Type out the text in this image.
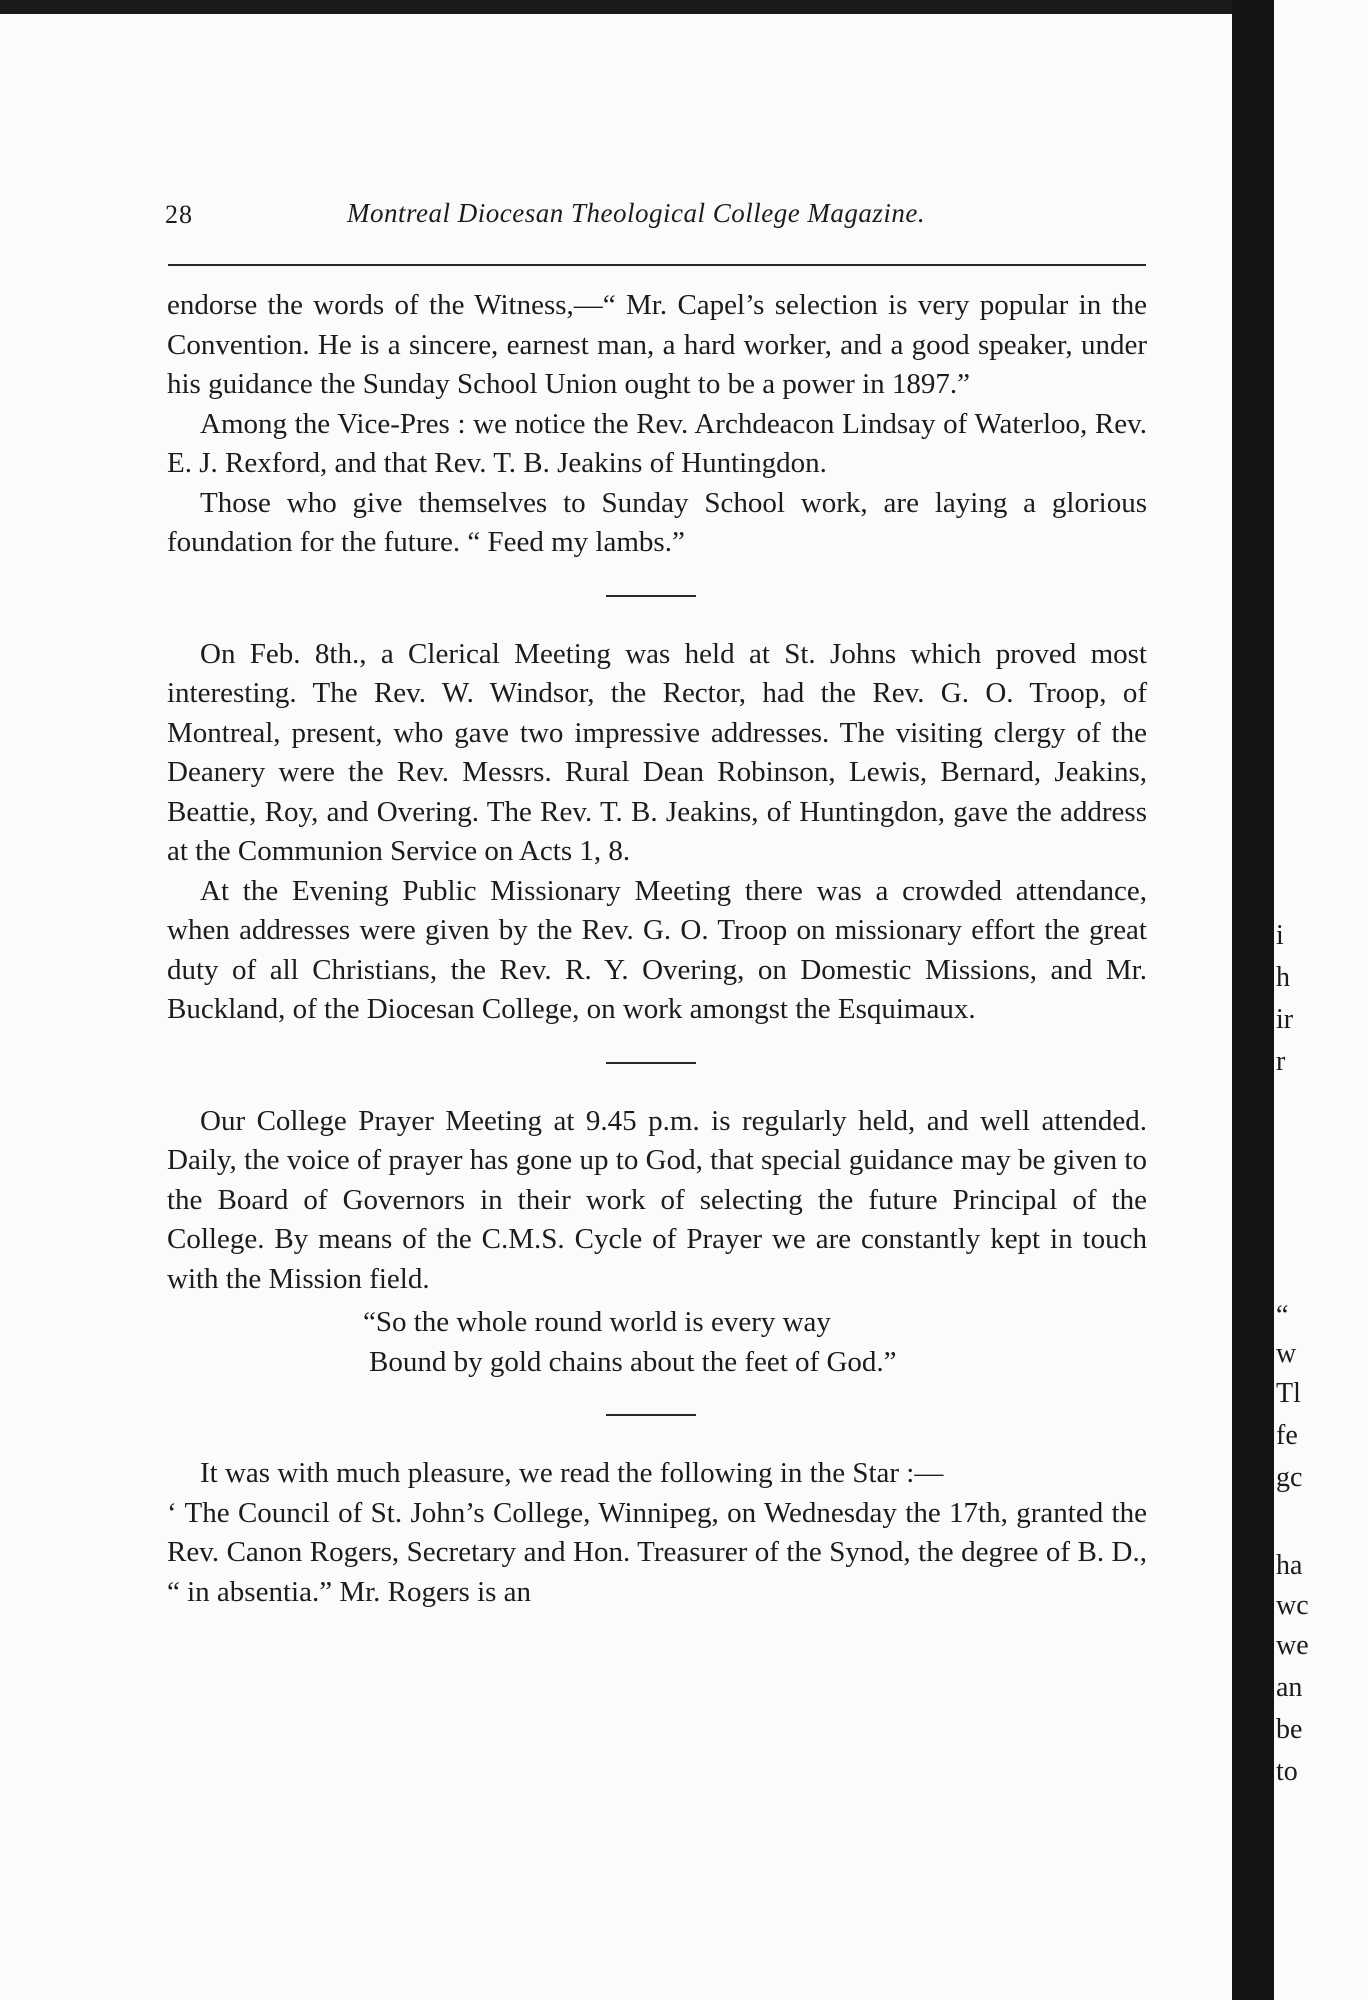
i
h
ir
r
“
w
Tl
fe
gc
ha
wc
we
an
be
to
28	Montreal Diocesan Theological College Magazine.

endorse the words of the Witness,—“ Mr. Capel’s selection is very popular in the Convention. He is a sincere, earnest man, a hard worker, and a good speaker, under his guidance the Sunday School Union ought to be a power in 1897.”

Among the Vice-Pres : we notice the Rev. Archdeacon Lindsay of Waterloo, Rev. E. J. Rexford, and that Rev. T. B. Jeakins of Huntingdon.

Those who give themselves to Sunday School work, are laying a glorious foundation for the future. “ Feed my lambs.”

On Feb. 8th., a Clerical Meeting was held at St. Johns which proved most interesting. The Rev. W. Windsor, the Rector, had the Rev. G. O. Troop, of Montreal, present, who gave two impressive addresses. The visiting clergy of the Deanery were the Rev. Messrs. Rural Dean Robinson, Lewis, Bernard, Jeakins, Beattie, Roy, and Overing. The Rev. T. B. Jeakins, of Huntingdon, gave the address at the Communion Service on Acts 1, 8.

At the Evening Public Missionary Meeting there was a crowded attendance, when addresses were given by the Rev. G. O. Troop on missionary effort the great duty of all Christians, the Rev. R. Y. Overing, on Domestic Missions, and Mr. Buckland, of the Diocesan College, on work amongst the Esquimaux.

Our College Prayer Meeting at 9.45 p.m. is regularly held, and well attended. Daily, the voice of prayer has gone up to God, that special guidance may be given to the Board of Governors in their work of selecting the future Principal of the College. By means of the C.M.S. Cycle of Prayer we are constantly kept in touch with the Mission field.

“So the whole round world is every way
Bound by gold chains about the feet of God.”

It was with much pleasure, we read the following in the Star :—

‘ The Council of St. John’s College, Winnipeg, on Wednesday the 17th, granted the Rev. Canon Rogers, Secretary and Hon. Treasurer of the Synod, the degree of B. D., “ in absentia.” Mr. Rogers is an
